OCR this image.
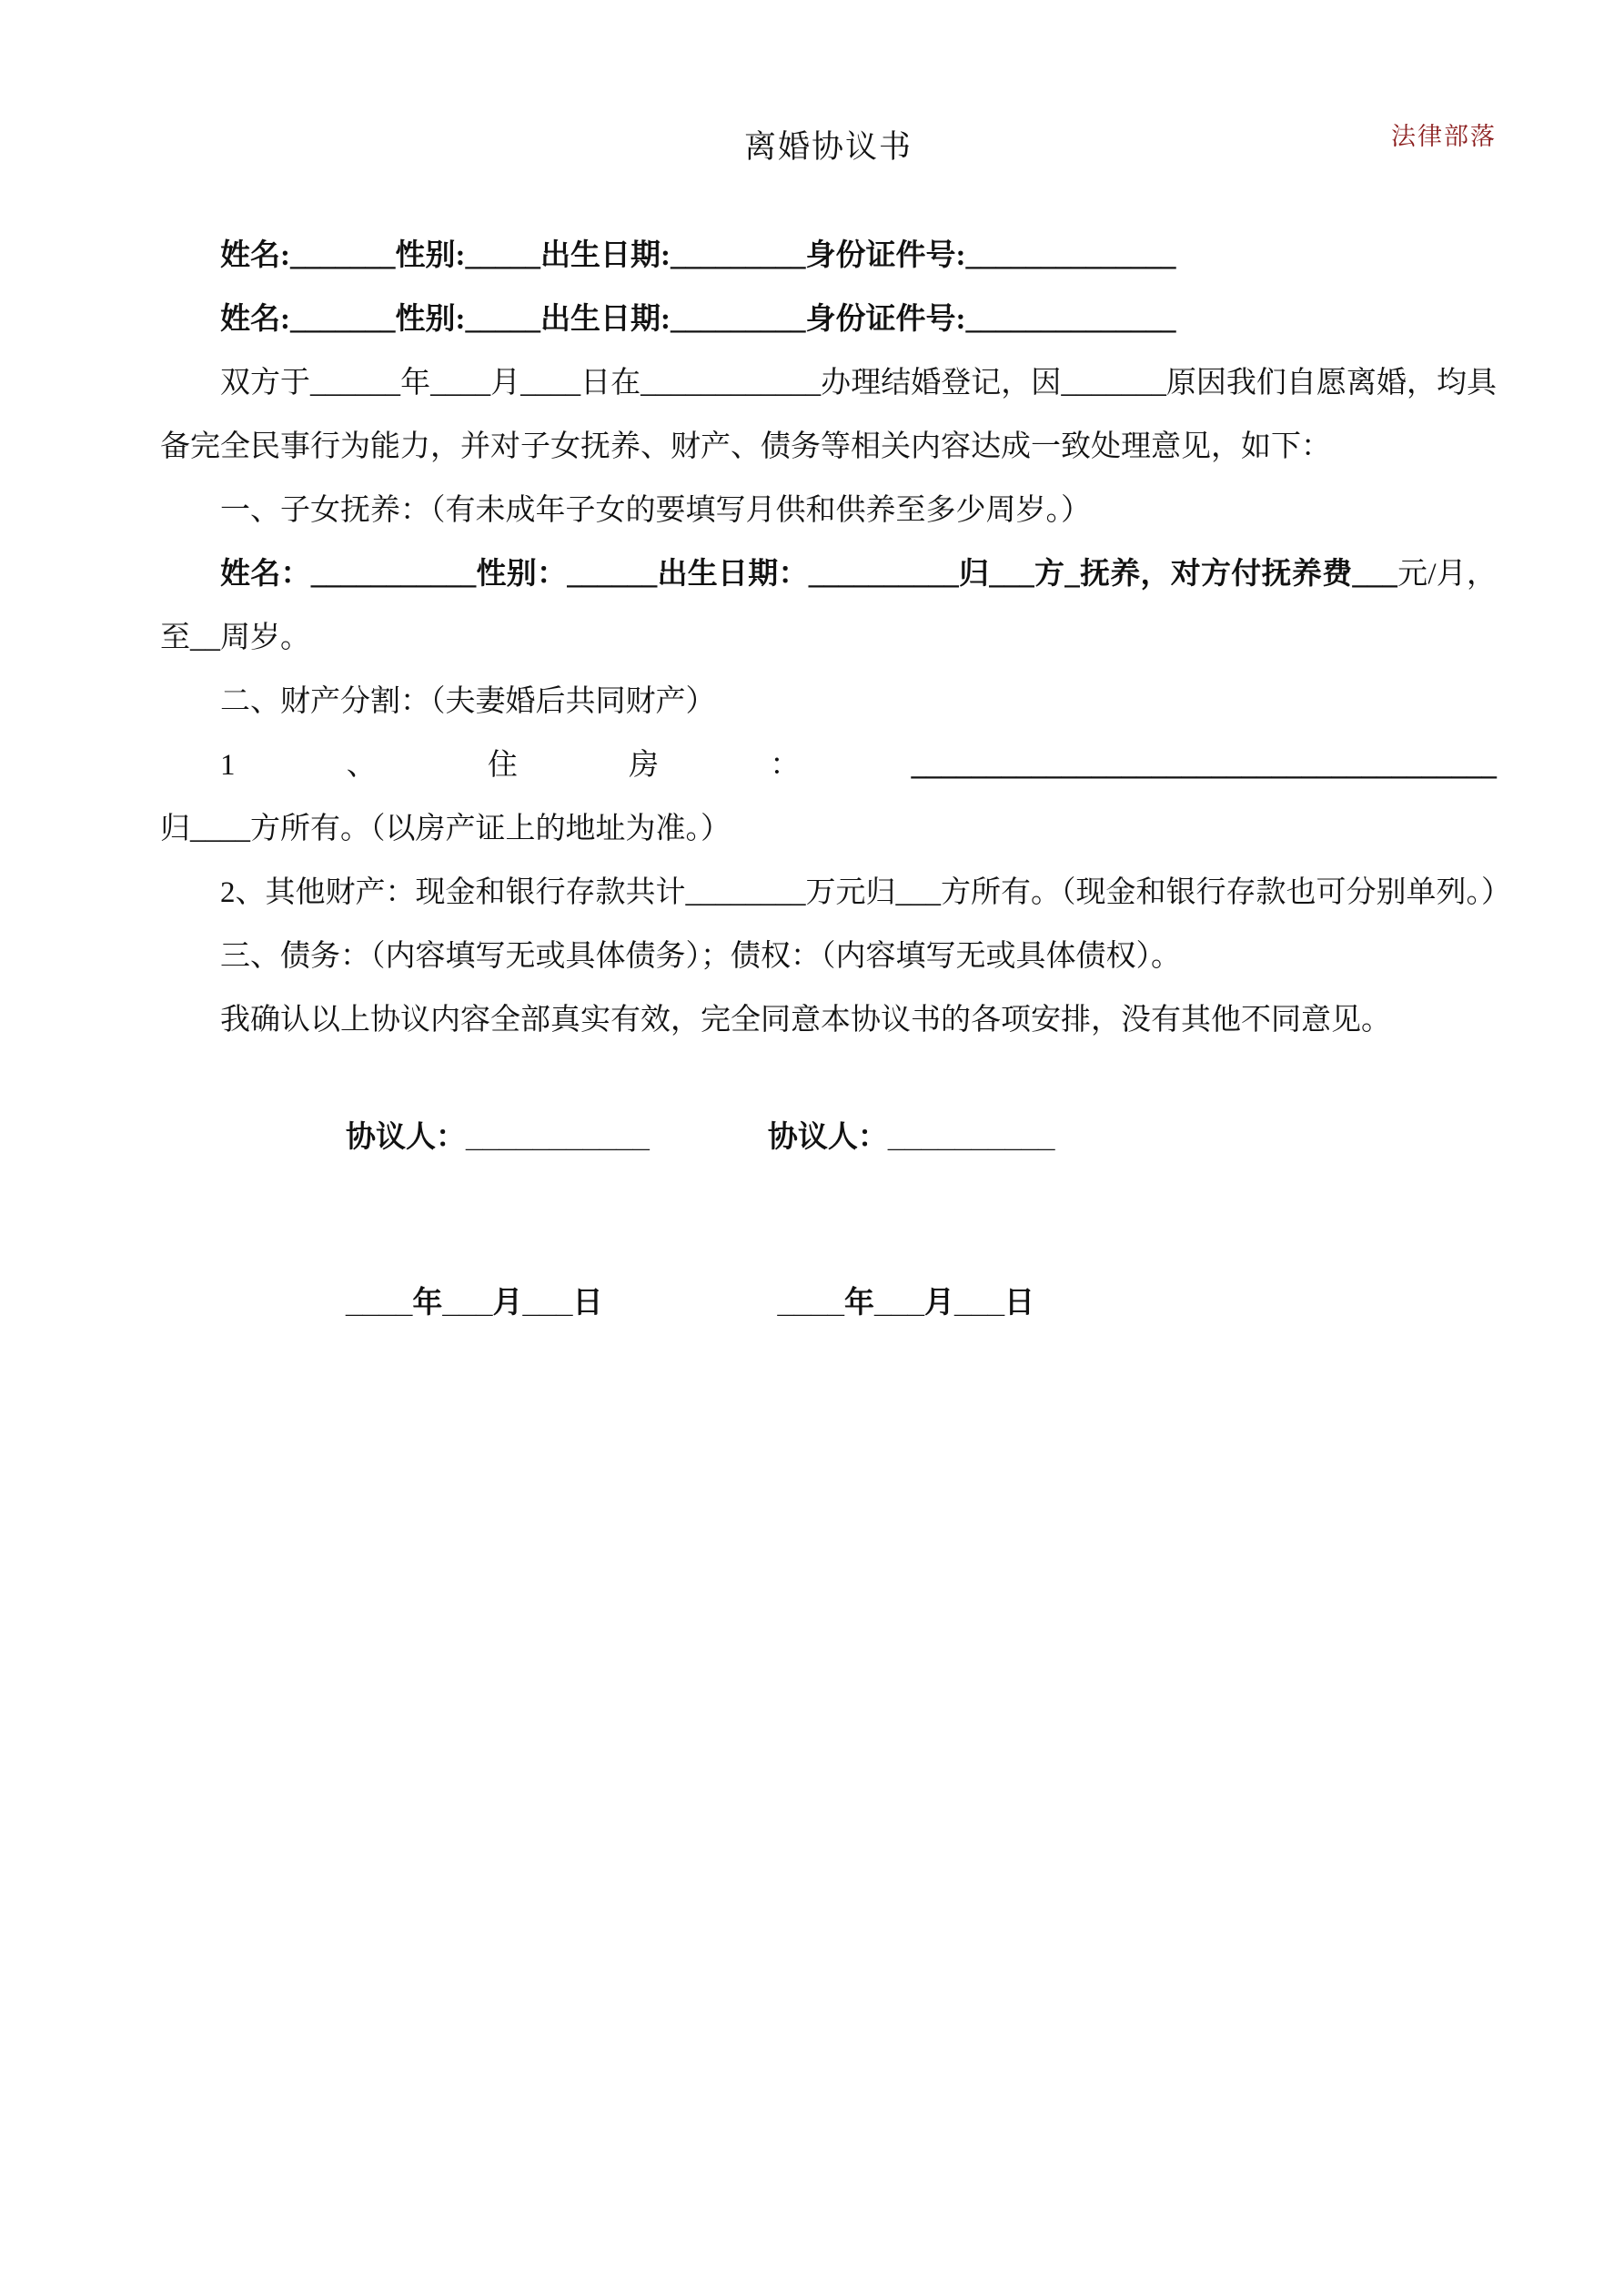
法律部落
离婚协议书

姓名:_______性别:_____出生日期:_________身份证件号:______________

姓名:_______性别:_____出生日期:_________身份证件号:______________

双方于______年____月____日在____________办理结婚登记，因_______原因我们自愿离婚，均具备完全民事行为能力，并对子女抚养、财产、债务等相关内容达成一致处理意见，如下：

一、子女抚养：（有未成年子女的要填写月供和供养至多少周岁。）

姓名：___________性别：______出生日期：__________归___方_抚养，对方付抚养费___元/月，至__周岁。

二、财产分割：（夫妻婚后共同财产）

1、住房：_______________________________________归____方所有。（以房产证上的地址为准。）

2、其他财产：现金和银行存款共计________万元归___方所有。（现金和银行存款也可分别单列。）

三、债务：（内容填写无或具体债务）；债权：（内容填写无或具体债权）。

我确认以上协议内容全部真实有效，完全同意本协议书的各项安排，没有其他不同意见。

协议人：___________	协议人：__________
____年___月___日	____年___月___日
